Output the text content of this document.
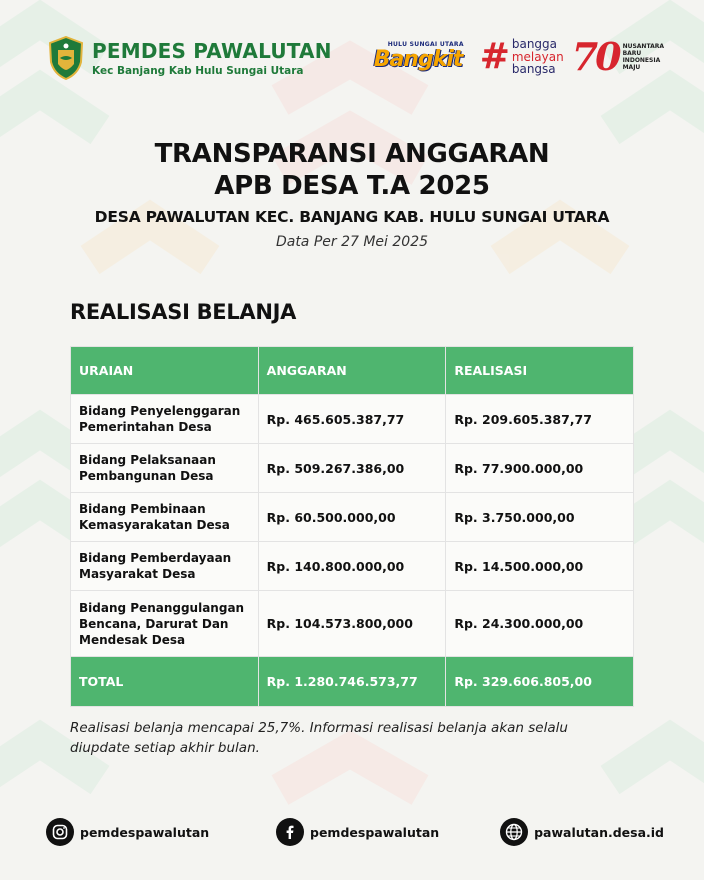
PEMDES PAWALUTAN
Kec Banjang Kab Hulu Sungai Utara
HULU SUNGAI UTARA
Bangkit # bangga
melayan
bangsa 70 NUSANTARA
BARU
INDONESIA
MAJU
TRANSPARANSI ANGGARAN
APB DESA T.A 2025
DESA PAWALUTAN KEC. BANJANG KAB. HULU SUNGAI UTARA
Data Per 27 Mei 2025
REALISASI BELANJA
URAIAN	ANGGARAN	REALISASI
Bidang Penyelenggaran Pemerintahan Desa	Rp. 465.605.387,77	Rp. 209.605.387,77
Bidang Pelaksanaan Pembangunan Desa	Rp. 509.267.386,00	Rp. 77.900.000,00
Bidang Pembinaan Kemasyarakatan Desa	Rp. 60.500.000,00	Rp. 3.750.000,00
Bidang Pemberdayaan Masyarakat Desa	Rp. 140.800.000,00	Rp. 14.500.000,00
Bidang Penanggulangan Bencana, Darurat Dan Mendesak Desa	Rp. 104.573.800,000	Rp. 24.300.000,00
TOTAL	Rp. 1.280.746.573,77	Rp. 329.606.805,00
Realisasi belanja mencapai 25,7%. Informasi realisasi belanja akan selalu diupdate setiap akhir bulan.
pemdespawalutan	pemdespawalutan	pawalutan.desa.id
